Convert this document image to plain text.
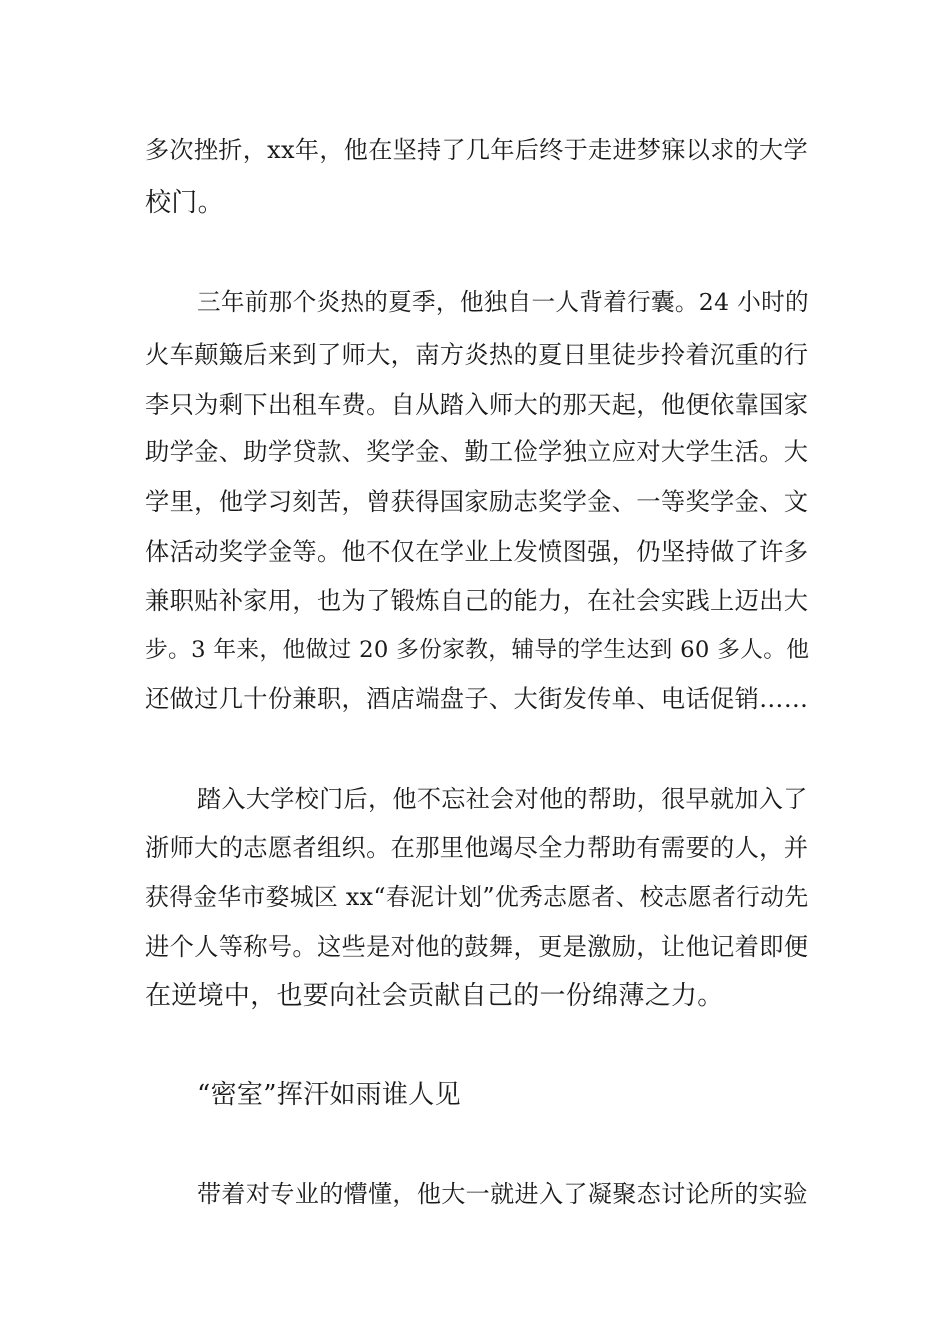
多次挫折，xx年，他在坚持了几年后终于走进梦寐以求的大学
校门。
三年前那个炎热的夏季，他独自一人背着行囊。24 小时的
火车颠簸后来到了师大，南方炎热的夏日里徒步拎着沉重的行
李只为剩下出租车费。自从踏入师大的那天起，他便依靠国家
助学金、助学贷款、奖学金、勤工俭学独立应对大学生活。大
学里，他学习刻苦，曾获得国家励志奖学金、一等奖学金、文
体活动奖学金等。他不仅在学业上发愤图强，仍坚持做了许多
兼职贴补家用，也为了锻炼自己的能力，在社会实践上迈出大
步。3 年来，他做过 20 多份家教，辅导的学生达到 60 多人。他
还做过几十份兼职，酒店端盘子、大街发传单、电话促销……
踏入大学校门后，他不忘社会对他的帮助，很早就加入了
浙师大的志愿者组织。在那里他竭尽全力帮助有需要的人，并
获得金华市婺城区 xx“春泥计划”优秀志愿者、校志愿者行动先
进个人等称号。这些是对他的鼓舞，更是激励，让他记着即便
在逆境中，也要向社会贡献自己的一份绵薄之力。
“密室”挥汗如雨谁人见
带着对专业的懵懂，他大一就进入了凝聚态讨论所的实验
